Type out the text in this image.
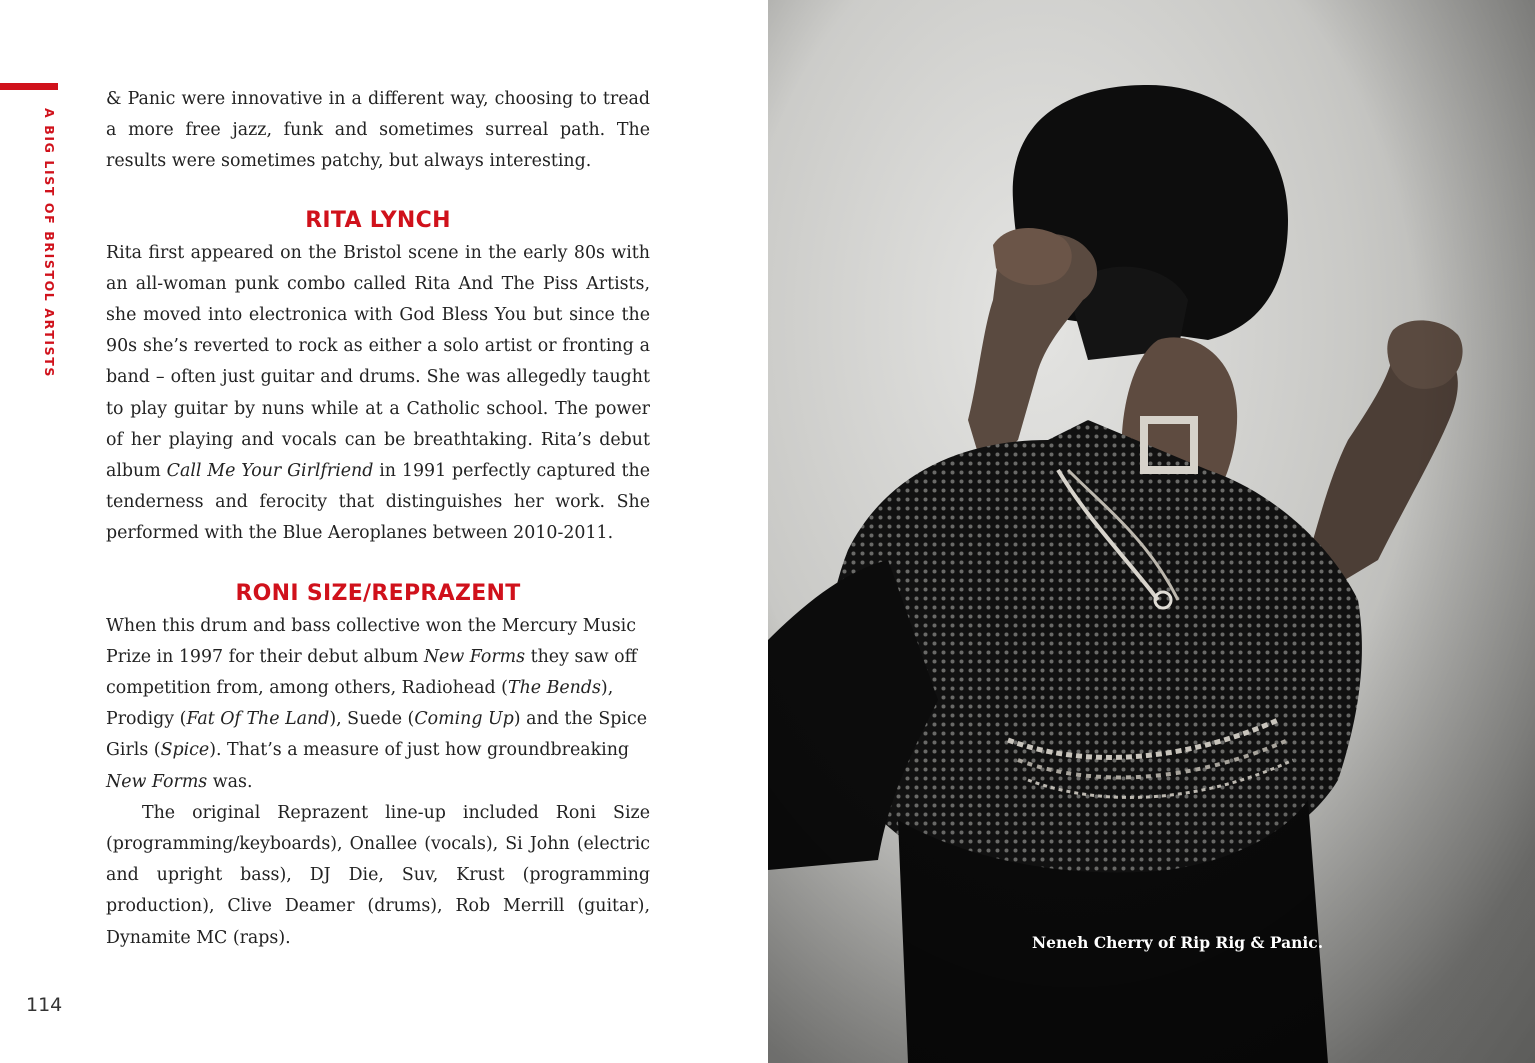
A BIG LIST OF BRISTOL ARTISTS

& Panic were innovative in a different way, choosing to tread a more free jazz, funk and sometimes surreal path. The results were sometimes patchy, but always interesting.

RITA LYNCH

Rita first appeared on the Bristol scene in the early 80s with an all-woman punk combo called Rita And The Piss Artists, she moved into electronica with God Bless You but since the 90s she’s reverted to rock as either a solo artist or fronting a band – often just guitar and drums. She was allegedly taught to play guitar by nuns while at a Catholic school. The power of her playing and vocals can be breathtaking. Rita’s debut album Call Me Your Girlfriend in 1991 perfectly captured the tenderness and ferocity that distinguishes her work. She performed with the Blue Aeroplanes between 2010-2011.

RONI SIZE/REPRAZENT

When this drum and bass collective won the Mercury Music Prize in 1997 for their debut album New Forms they saw off competition from, among others, Radiohead (The Bends), Prodigy (Fat Of The Land), Suede (Coming Up) and the Spice Girls (Spice). That’s a measure of just how groundbreaking New Forms was.

The original Reprazent line-up included Roni Size (programming/keyboards), Onallee (vocals), Si John (electric and upright bass), DJ Die, Suv, Krust (programming production), Clive Deamer (drums), Rob Merrill (guitar), Dynamite MC (raps).

114
Neneh Cherry of Rip Rig & Panic.
